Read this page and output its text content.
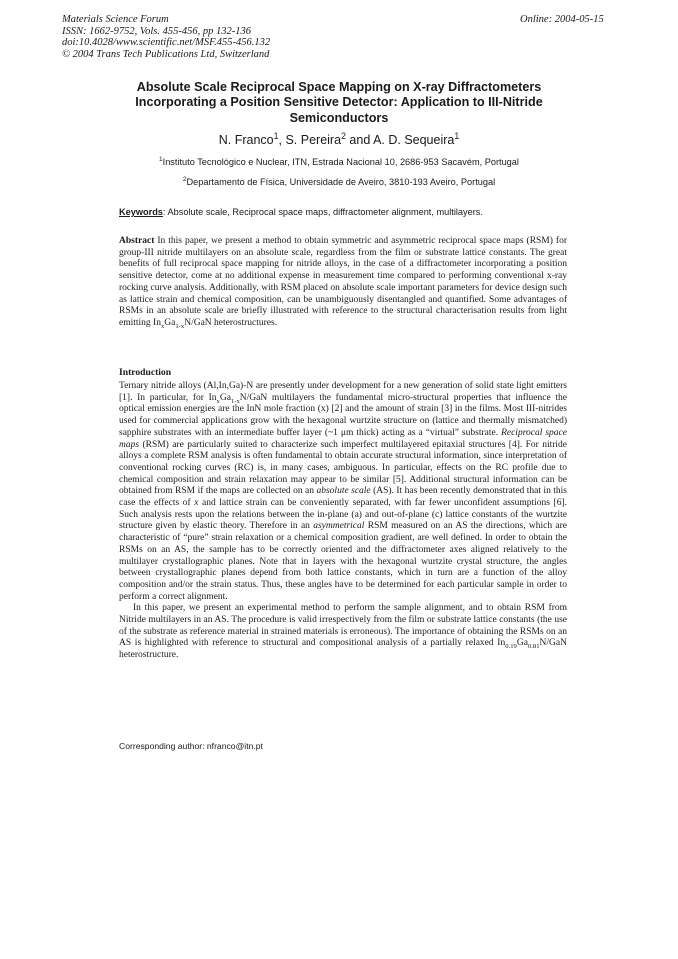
Materials Science Forum
ISSN: 1662-9752, Vols. 455-456, pp 132-136
doi:10.4028/www.scientific.net/MSF.455-456.132
© 2004 Trans Tech Publications Ltd, Switzerland
Online: 2004-05-15
Absolute Scale Reciprocal Space Mapping on X-ray Diffractometers Incorporating a Position Sensitive Detector: Application to III-Nitride Semiconductors
N. Franco$^1$, S. Pereira$^2$ and A. D. Sequeira$^1$
$^1$Instituto Tecnológico e Nuclear, ITN, Estrada Nacional 10, 2686-953 Sacavém, Portugal
$^2$Departamento de Física, Universidade de Aveiro, 3810-193 Aveiro, Portugal
Keywords: Absolute scale, Reciprocal space maps, diffractometer alignment, multilayers.
Abstract In this paper, we present a method to obtain symmetric and asymmetric reciprocal space maps (RSM) for group-III nitride multilayers on an absolute scale, regardless from the film or substrate lattice constants. The great benefits of full reciprocal space mapping for nitride alloys, in the case of a diffractometer incorporating a position sensitive detector, come at no additional expense in measurement time compared to performing conventional x-ray rocking curve analysis. Additionally, with RSM placed on absolute scale important parameters for device design such as lattice strain and chemical composition, can be unambiguously disentangled and quantified. Some advantages of RSMs in an absolute scale are briefly illustrated with reference to the structural characterisation results from light emitting $In_xGa_{1-x}N$/GaN heterostructures.
Introduction

Ternary nitride alloys (Al,In,Ga)-N are presently under development for a new generation of solid state light emitters [1]. In particular, for $In_xGa_{1-x}N$/GaN multilayers the fundamental micro-structural properties that influence the optical emission energies are the InN mole fraction (x) [2] and the amount of strain [3] in the films. Most III-nitrides used for commercial applications grow with the hexagonal wurtzite structure on (lattice and thermally mismatched) sapphire substrates with an intermediate buffer layer (~1 μm thick) acting as a “virtual” substrate. Reciprocal space maps (RSM) are particularly suited to characterize such imperfect multilayered epitaxial structures [4]. For nitride alloys a complete RSM analysis is often fundamental to obtain accurate structural information, since interpretation of conventional rocking curves (RC) is, in many cases, ambiguous. In particular, effects on the RC profile due to chemical composition and strain relaxation may appear to be similar [5]. Additional structural information can be obtained from RSM if the maps are collected on an absolute scale (AS). It has been recently demonstrated that in this case the effects of x and lattice strain can be conveniently separated, with far fewer unconfident assumptions [6]. Such analysis rests upon the relations between the in-plane (a) and out-of-plane (c) lattice constants of the wurtzite structure given by elastic theory. Therefore in an asymmetrical RSM measured on an AS the directions, which are characteristic of “pure” strain relaxation or a chemical composition gradient, are well defined. In order to obtain the RSMs on an AS, the sample has to be correctly oriented and the diffractometer axes aligned relatively to the multilayer crystallographic planes. Note that in layers with the hexagonal wurtzite crystal structure, the angles between crystallographic planes depend from both lattice constants, which in turn are a function of the alloy composition and/or the strain status. Thus, these angles have to be determined for each particular sample in order to perform a correct alignment.

In this paper, we present an experimental method to perform the sample alignment, and to obtain RSM from Nitride multilayers in an AS. The procedure is valid irrespectively from the film or substrate lattice constants (the use of the substrate as reference material in strained materials is erroneous). The importance of obtaining the RSMs on an AS is highlighted with reference to structural and compositional analysis of a partially relaxed $In_{0.19}Ga_{0.81}N$/GaN heterostructure.

Corresponding author: nfranco@itn.pt
